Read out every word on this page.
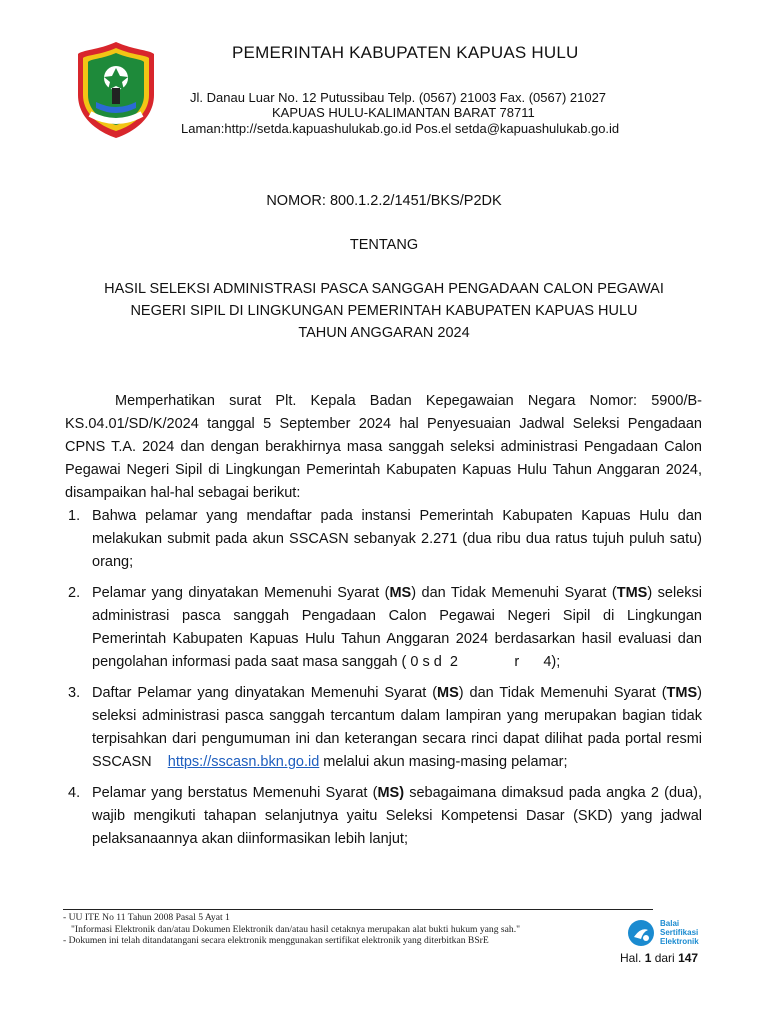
PEMERINTAH KABUPATEN KAPUAS HULU
Jl. Danau Luar No. 12 Putussibau Telp. (0567) 21003 Fax. (0567) 21027
KAPUAS HULU-KALIMANTAN BARAT 78711
Laman:http://setda.kapuashulukab.go.id Pos.el setda@kapuashulukab.go.id
NOMOR: 800.1.2.2/1451/BKS/P2DK
TENTANG
HASIL SELEKSI ADMINISTRASI PASCA SANGGAH PENGADAAN CALON PEGAWAI
NEGERI SIPIL DI LINGKUNGAN PEMERINTAH KABUPATEN KAPUAS HULU
TAHUN ANGGARAN 2024

Memperhatikan surat Plt. Kepala Badan Kepegawaian Negara Nomor: 5900/B-KS.04.01/SD/K/2024 tanggal 5 September 2024 hal Penyesuaian Jadwal Seleksi Pengadaan CPNS T.A. 2024 dan dengan berakhirnya masa sanggah seleksi administrasi Pengadaan Calon Pegawai Negeri Sipil di Lingkungan Pemerintah Kabupaten Kapuas Hulu Tahun Anggaran 2024, disampaikan hal-hal sebagai berikut:

1. Bahwa pelamar yang mendaftar pada instansi Pemerintah Kabupaten Kapuas Hulu dan melakukan submit pada akun SSCASN sebanyak 2.271 (dua ribu dua ratus tujuh puluh satu) orang;
2. Pelamar yang dinyatakan Memenuhi Syarat (MS) dan Tidak Memenuhi Syarat (TMS) seleksi administrasi pasca sanggah Pengadaan Calon Pegawai Negeri Sipil di Lingkungan Pemerintah Kabupaten Kapuas Hulu Tahun Anggaran 2024 berdasarkan hasil evaluasi dan pengolahan informasi pada saat masa sanggah ( 0 s d  2              r      4);
3. Daftar Pelamar yang dinyatakan Memenuhi Syarat (MS) dan Tidak Memenuhi Syarat (TMS) seleksi administrasi pasca sanggah tercantum dalam lampiran yang merupakan bagian tidak terpisahkan dari pengumuman ini dan keterangan secara rinci dapat dilihat pada portal resmi SSCASN    https://sscasn.bkn.go.id melalui akun masing-masing pelamar;
4. Pelamar yang berstatus Memenuhi Syarat (MS) sebagaimana dimaksud pada angka 2 (dua), wajib mengikuti tahapan selanjutnya yaitu Seleksi Kompetensi Dasar (SKD) yang jadwal pelaksanaannya akan diinformasikan lebih lanjut;
- UU ITE No 11 Tahun 2008 Pasal 5 Ayat 1
"Informasi Elektronik dan/atau Dokumen Elektronik dan/atau hasil cetaknya merupakan alat bukti hukum yang sah."
- Dokumen ini telah ditandatangani secara elektronik menggunakan sertifikat elektronik yang diterbitkan BSrE
Balai
Sertifikasi
Elektronik
Hal. 1 dari 147
